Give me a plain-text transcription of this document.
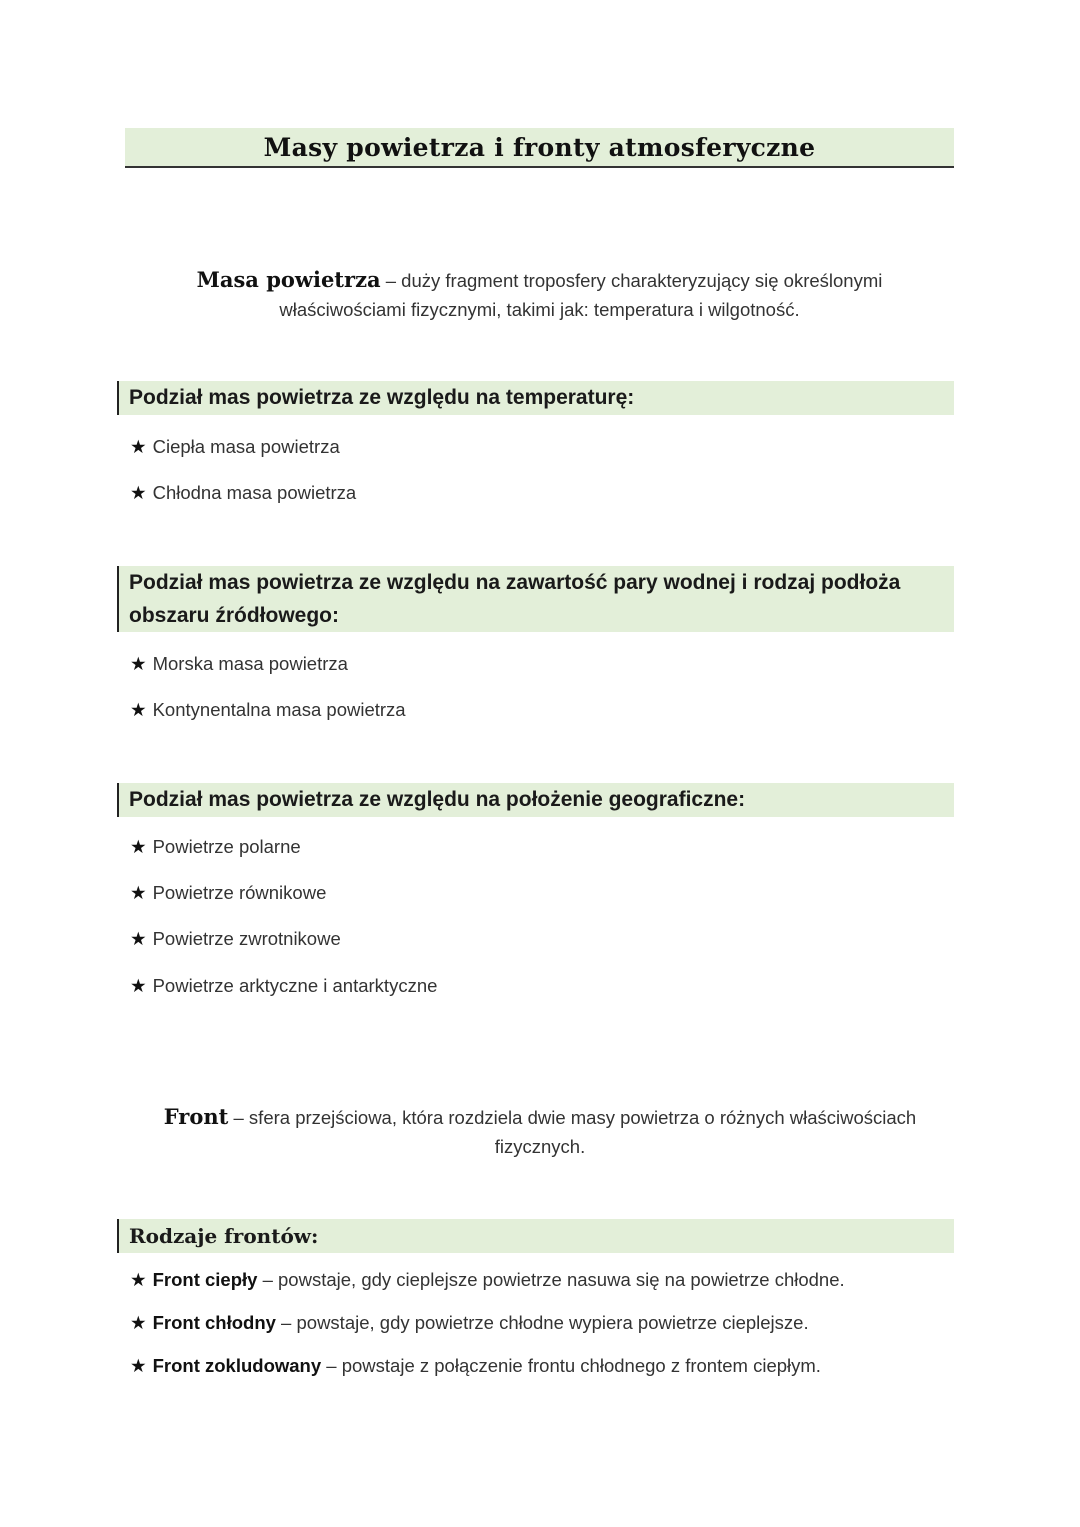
Masy powietrza i fronty atmosferyczne
Masa powietrza – duży fragment troposfery charakteryzujący się określonymi
właściwościami fizycznymi, takimi jak: temperatura i wilgotność.
Podział mas powietrza ze względu na temperaturę:
★ Ciepła masa powietrza
★ Chłodna masa powietrza
Podział mas powietrza ze względu na zawartość pary wodnej i rodzaj podłoża
obszaru źródłowego:
★ Morska masa powietrza
★ Kontynentalna masa powietrza
Podział mas powietrza ze względu na położenie geograficzne:
★ Powietrze polarne
★ Powietrze równikowe
★ Powietrze zwrotnikowe
★ Powietrze arktyczne i antarktyczne
Front – sfera przejściowa, która rozdziela dwie masy powietrza o różnych właściwościach
fizycznych.
Rodzaje frontów:
★ Front ciepły – powstaje, gdy cieplejsze powietrze nasuwa się na powietrze chłodne.
★ Front chłodny – powstaje, gdy powietrze chłodne wypiera powietrze cieplejsze.
★ Front zokludowany – powstaje z połączenie frontu chłodnego z frontem ciepłym.
